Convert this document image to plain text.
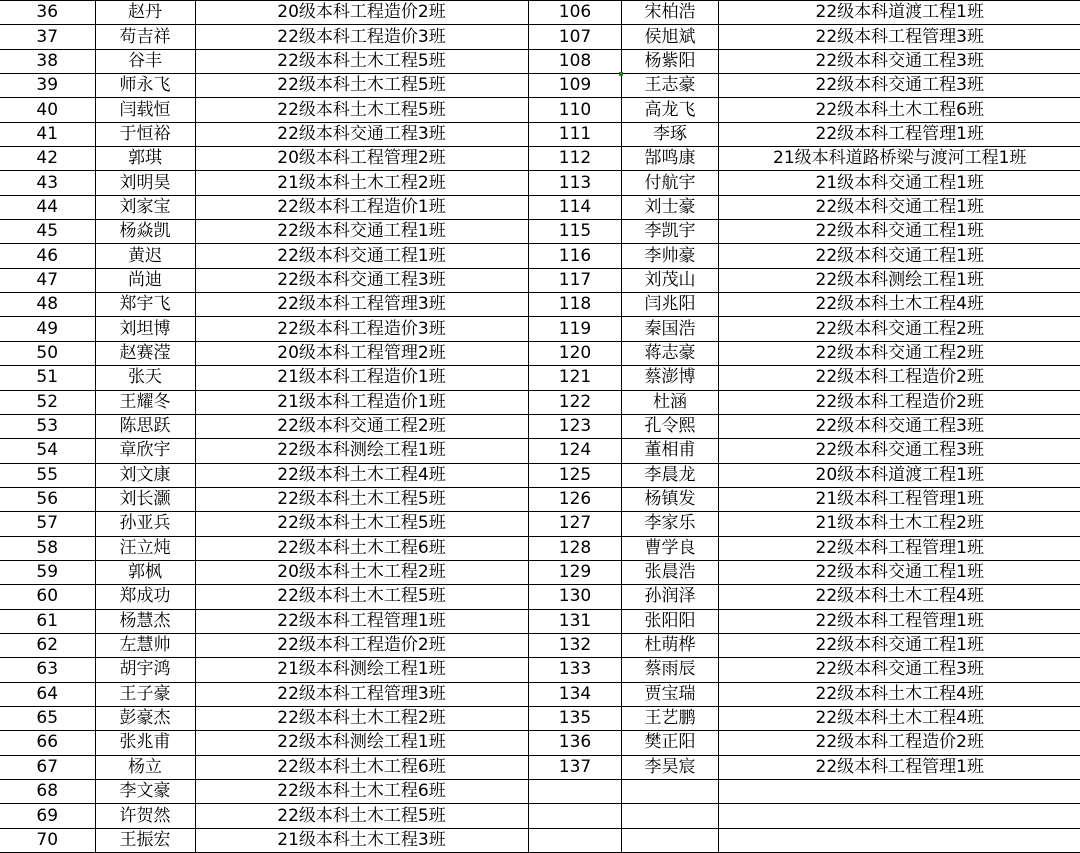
36	赵丹	20级本科工程造价2班
37	苟吉祥	22级本科工程造价3班
38	谷丰	22级本科土木工程5班
39	师永飞	22级本科土木工程5班
40	闫载恒	22级本科土木工程5班
41	于恒裕	22级本科交通工程3班
42	郭琪	20级本科工程管理2班
43	刘明昊	21级本科土木工程2班
44	刘家宝	22级本科工程造价1班
45	杨焱凯	22级本科交通工程1班
46	黄迟	22级本科交通工程1班
47	尚迪	22级本科交通工程3班
48	郑宇飞	22级本科工程管理3班
49	刘坦博	22级本科工程造价3班
50	赵赛滢	20级本科工程管理2班
51	张天	21级本科工程造价1班
52	王耀冬	21级本科工程造价1班
53	陈思跃	22级本科交通工程2班
54	章欣宇	22级本科测绘工程1班
55	刘文康	22级本科土木工程4班
56	刘长灏	22级本科土木工程5班
57	孙亚兵	22级本科土木工程5班
58	汪立炖	22级本科土木工程6班
59	郭枫	20级本科土木工程2班
60	郑成功	22级本科土木工程5班
61	杨慧杰	22级本科工程管理1班
62	左慧帅	22级本科工程造价2班
63	胡宇鸿	21级本科测绘工程1班
64	王子豪	22级本科工程管理3班
65	彭豪杰	22级本科土木工程2班
66	张兆甫	22级本科测绘工程1班
67	杨立	22级本科土木工程6班
68	李文豪	22级本科土木工程6班
69	许贺然	22级本科土木工程5班
70	王振宏	21级本科土木工程3班
106	宋柏浩	22级本科道渡工程1班
107	侯旭斌	22级本科工程管理3班
108	杨紫阳	22级本科交通工程3班
109	王志豪	22级本科交通工程3班
110	高龙飞	22级本科土木工程6班
111	李琢	22级本科工程管理1班
112	郜鸣康	21级本科道路桥梁与渡河工程1班
113	付航宇	21级本科交通工程1班
114	刘士豪	22级本科交通工程1班
115	李凯宇	22级本科交通工程1班
116	李帅豪	22级本科交通工程1班
117	刘茂山	22级本科测绘工程1班
118	闫兆阳	22级本科土木工程4班
119	秦国浩	22级本科交通工程2班
120	蒋志豪	22级本科交通工程2班
121	蔡澎博	22级本科工程造价2班
122	杜涵	22级本科工程造价2班
123	孔令熙	22级本科交通工程3班
124	董相甫	22级本科交通工程3班
125	李晨龙	20级本科道渡工程1班
126	杨镇发	21级本科工程管理1班
127	李家乐	21级本科土木工程2班
128	曹学良	22级本科工程管理1班
129	张晨浩	22级本科交通工程1班
130	孙润泽	22级本科土木工程4班
131	张阳阳	22级本科工程管理1班
132	杜萌桦	22级本科交通工程1班
133	蔡雨辰	22级本科交通工程3班
134	贾宝瑞	22级本科土木工程4班
135	王艺鹏	22级本科土木工程4班
136	樊正阳	22级本科工程造价2班
137	李昊宸	22级本科工程管理1班
